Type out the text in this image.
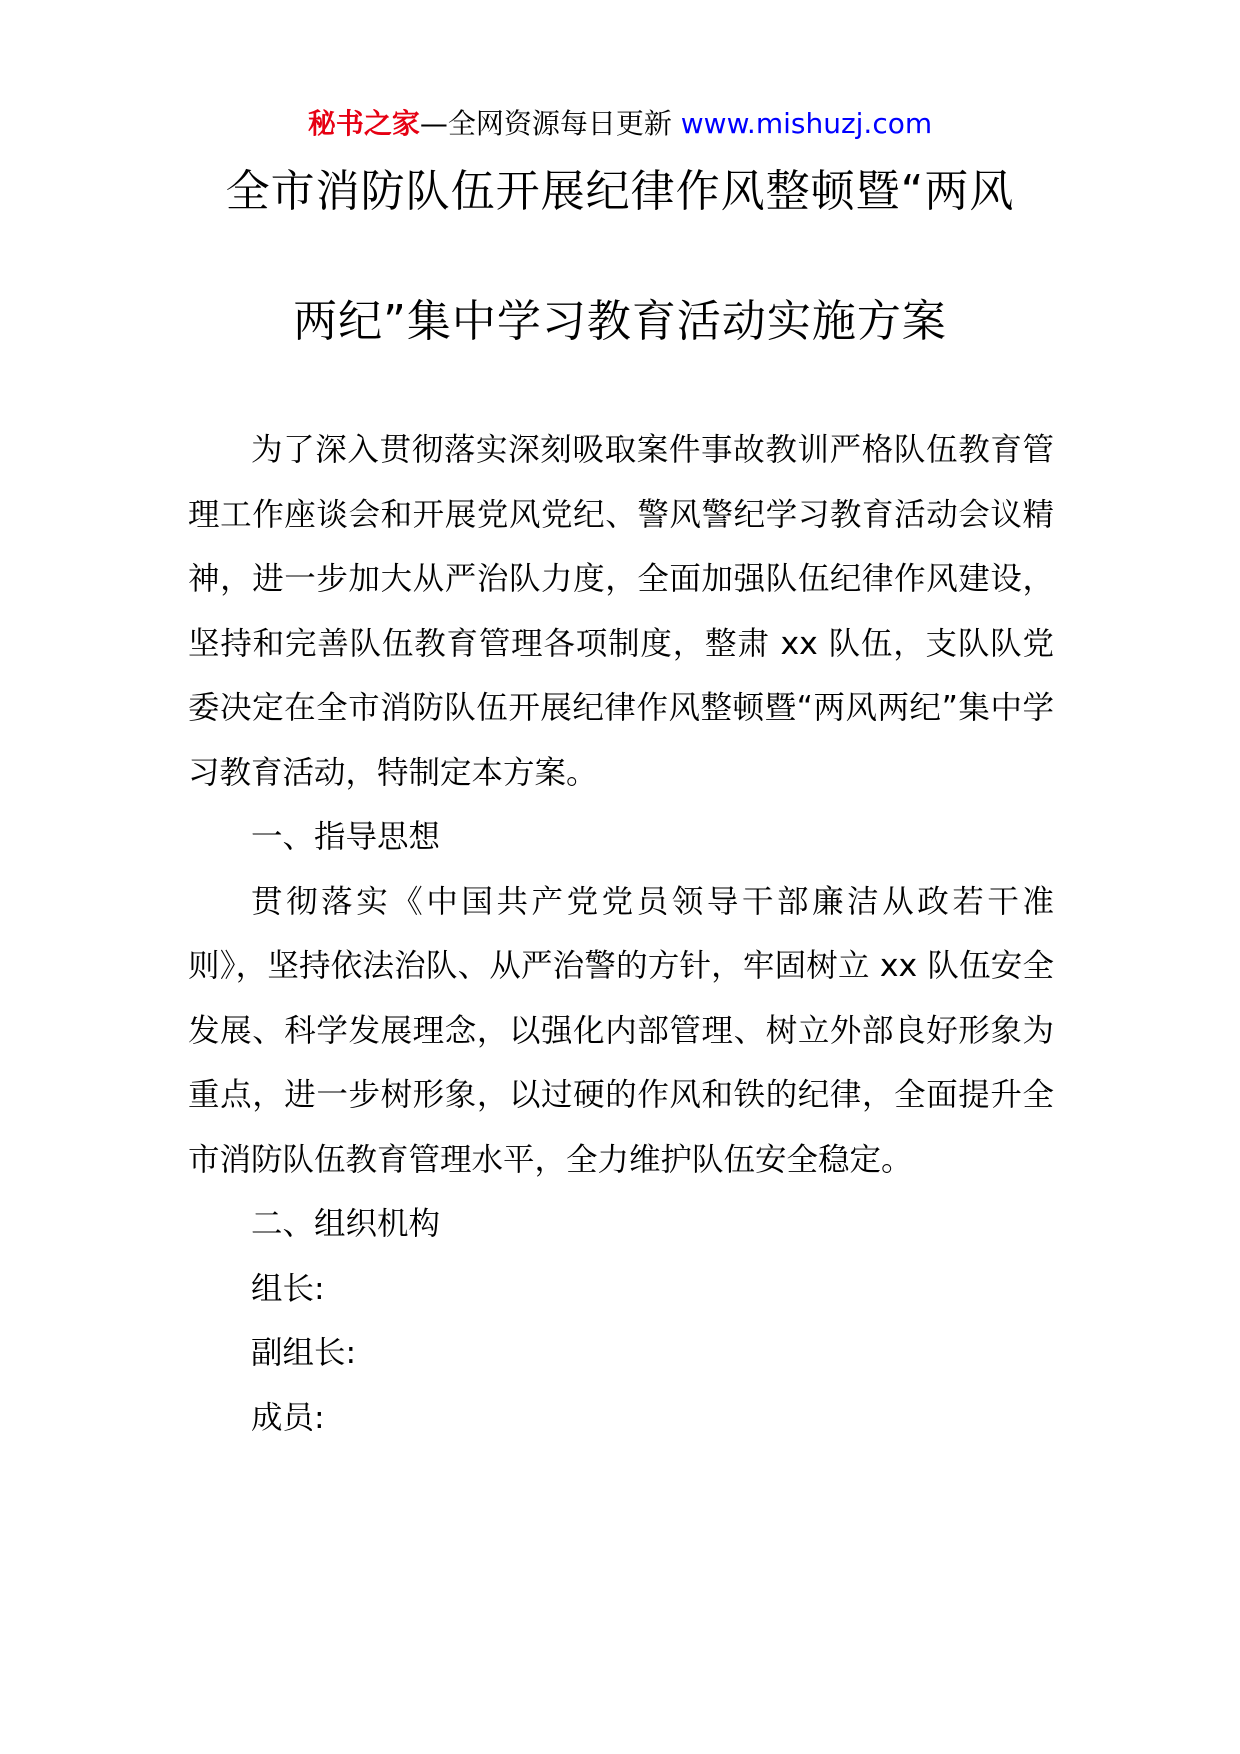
秘书之家—全网资源每日更新 www.mishuzj.com
全市消防队伍开展纪律作风整顿暨“两风
两纪”集中学习教育活动实施方案

为了深入贯彻落实深刻吸取案件事故教训严格队伍教育管理工作座谈会和开展党风党纪、警风警纪学习教育活动会议精神，进一步加大从严治队力度，全面加强队伍纪律作风建设，坚持和完善队伍教育管理各项制度，整肃 xx 队伍，支队队党委决定在全市消防队伍开展纪律作风整顿暨“两风两纪”集中学习教育活动，特制定本方案。

一、指导思想

贯彻落实《中国共产党党员领导干部廉洁从政若干准则》，坚持依法治队、从严治警的方针，牢固树立 xx 队伍安全发展、科学发展理念，以强化内部管理、树立外部良好形象为重点，进一步树形象，以过硬的作风和铁的纪律，全面提升全市消防队伍教育管理水平，全力维护队伍安全稳定。

二、组织机构

组长:

副组长:

成员:
